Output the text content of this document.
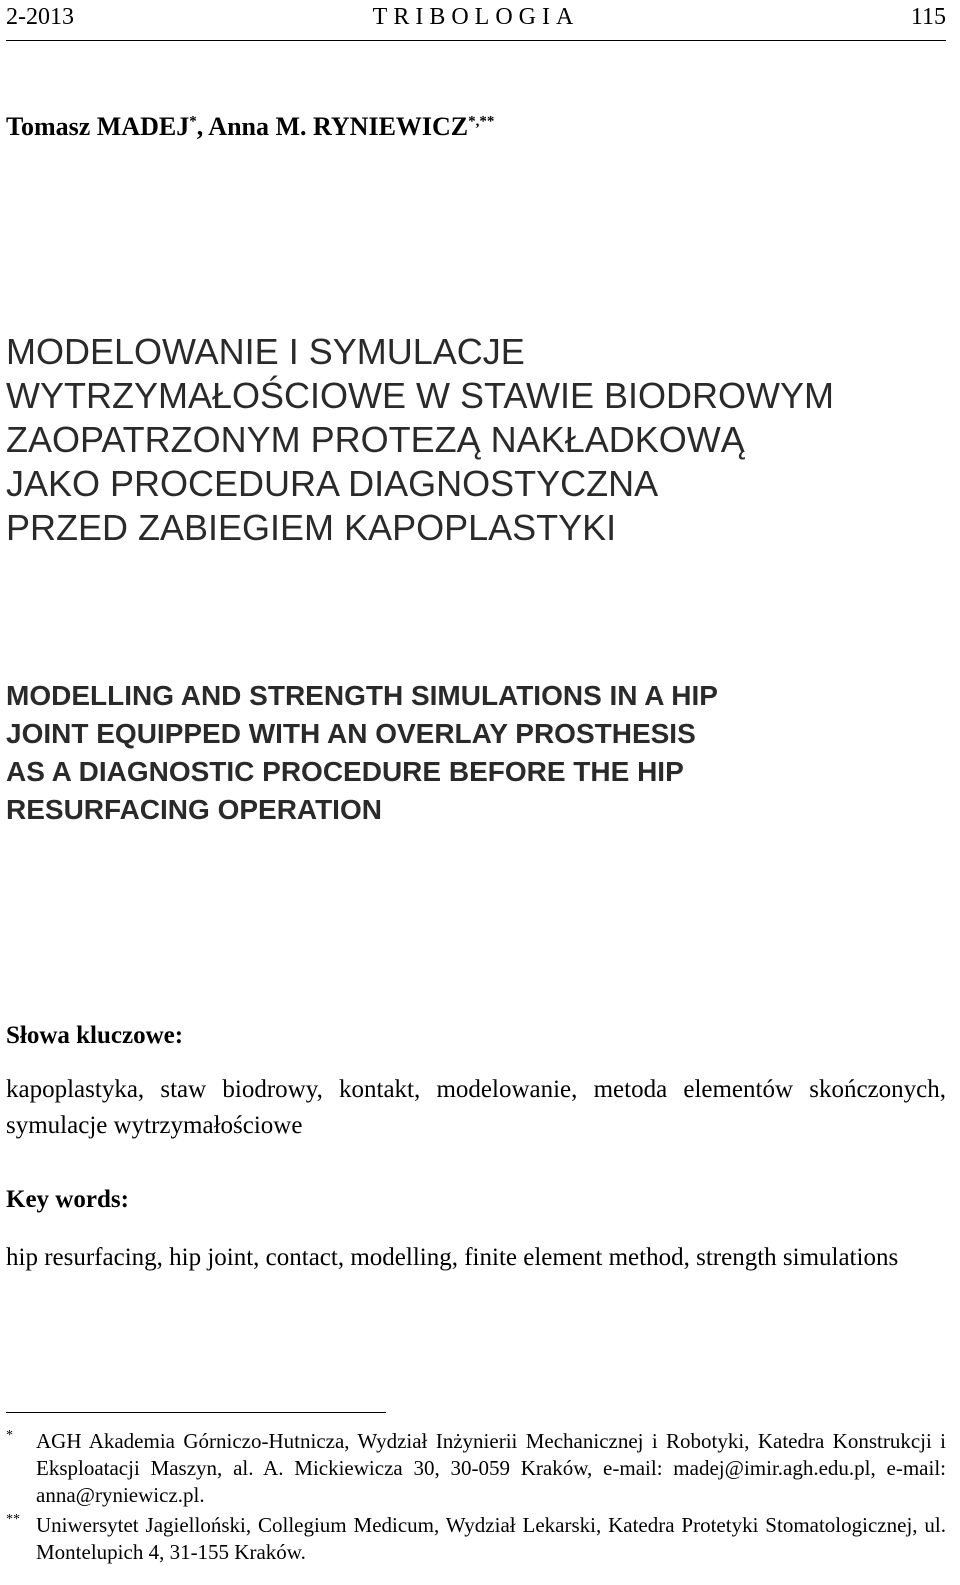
2-2013	TRIBOLOGIA	115
Tomasz MADEJ*, Anna M. RYNIEWICZ*,**
MODELOWANIE I SYMULACJE
WYTRZYMAŁOŚCIOWE W STAWIE BIODROWYM
ZAOPATRZONYM PROTEZĄ NAKŁADKOWĄ
JAKO PROCEDURA DIAGNOSTYCZNA
PRZED ZABIEGIEM KAPOPLASTYKI
MODELLING AND STRENGTH SIMULATIONS IN A HIP
JOINT EQUIPPED WITH AN OVERLAY PROSTHESIS
AS A DIAGNOSTIC PROCEDURE BEFORE THE HIP
RESURFACING OPERATION
Słowa kluczowe:
kapoplastyka, staw biodrowy, kontakt, modelowanie, metoda elementów skończonych, symulacje wytrzymałościowe
Key words:
hip resurfacing, hip joint, contact, modelling, finite element method, strength simulations
* AGH Akademia Górniczo-Hutnicza, Wydział Inżynierii Mechanicznej i Robotyki, Katedra Konstrukcji i Eksploatacji Maszyn, al. A. Mickiewicza 30, 30-059 Kraków, e-mail: madej@imir.agh.edu.pl, e-mail: anna@ryniewicz.pl.
** Uniwersytet Jagielloński, Collegium Medicum, Wydział Lekarski, Katedra Protetyki Stomatologicznej, ul. Montelupich 4, 31-155 Kraków.
